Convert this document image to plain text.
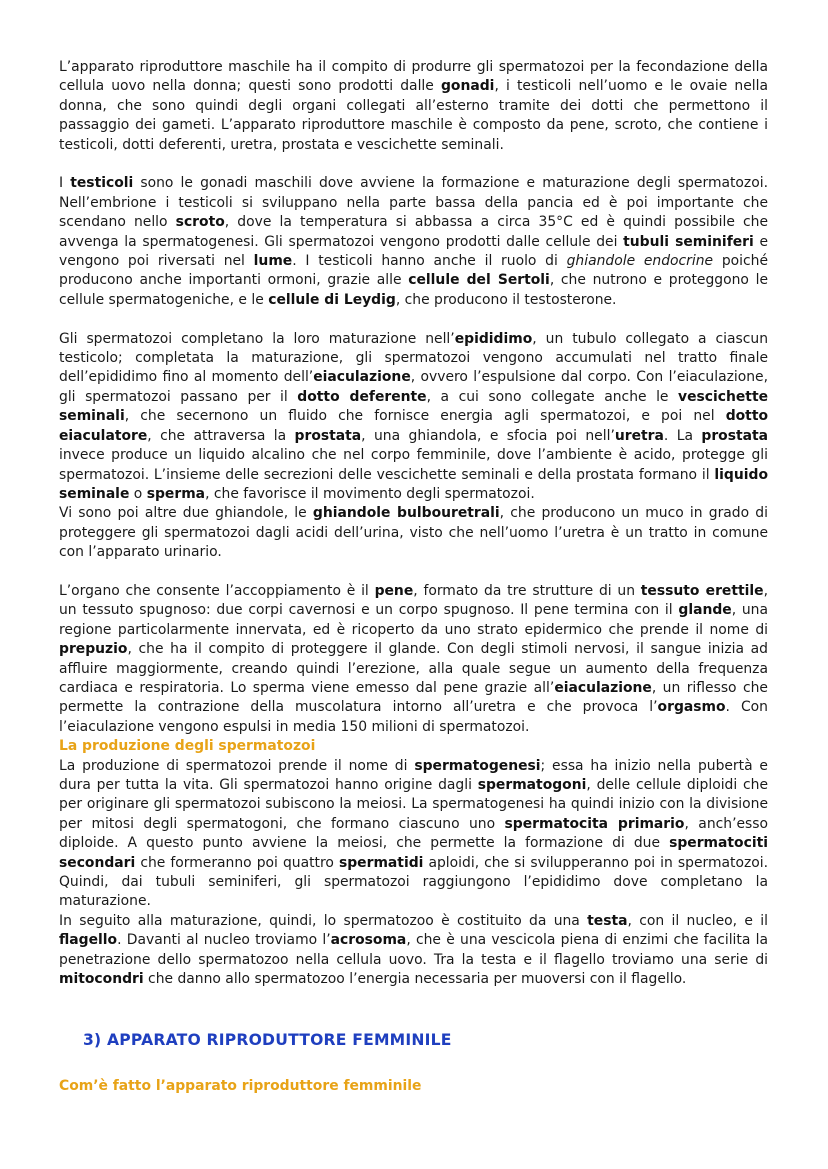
L’apparato riproduttore maschile ha il compito di produrre gli spermatozoi per la fecondazione della cellula uovo nella donna; questi sono prodotti dalle gonadi, i testicoli nell’uomo e le ovaie nella donna, che sono quindi degli organi collegati all’esterno tramite dei dotti che permettono il passaggio dei gameti. L’apparato riproduttore maschile è composto da pene, scroto, che contiene i testicoli, dotti deferenti, uretra, prostata e vescichette seminali.

I testicoli sono le gonadi maschili dove avviene la formazione e maturazione degli spermatozoi. Nell’embrione i testicoli si sviluppano nella parte bassa della pancia ed è poi importante che scendano nello scroto, dove la temperatura si abbassa a circa 35°C ed è quindi possibile che avvenga la spermatogenesi. Gli spermatozoi vengono prodotti dalle cellule dei tubuli seminiferi e vengono poi riversati nel lume. I testicoli hanno anche il ruolo di ghiandole endocrine poiché producono anche importanti ormoni, grazie alle cellule del Sertoli, che nutrono e proteggono le cellule spermatogeniche, e le cellule di Leydig, che producono il testosterone.

Gli spermatozoi completano la loro maturazione nell’epididimo, un tubulo collegato a ciascun testicolo; completata la maturazione, gli spermatozoi vengono accumulati nel tratto finale dell’epididimo fino al momento dell’eiaculazione, ovvero l’espulsione dal corpo. Con l’eiaculazione, gli spermatozoi passano per il dotto deferente, a cui sono collegate anche le vescichette seminali, che secernono un fluido che fornisce energia agli spermatozoi, e poi nel dotto eiaculatore, che attraversa la prostata, una ghiandola, e sfocia poi nell’uretra. La prostata invece produce un liquido alcalino che nel corpo femminile, dove l’ambiente è acido, protegge gli spermatozoi. L’insieme delle secrezioni delle vescichette seminali e della prostata formano il liquido seminale o sperma, che favorisce il movimento degli spermatozoi.

Vi sono poi altre due ghiandole, le ghiandole bulbouretrali, che producono un muco in grado di proteggere gli spermatozoi dagli acidi dell’urina, visto che nell’uomo l’uretra è un tratto in comune con l’apparato urinario.

L’organo che consente l’accoppiamento è il pene, formato da tre strutture di un tessuto erettile, un tessuto spugnoso: due corpi cavernosi e un corpo spugnoso. Il pene termina con il glande, una regione particolarmente innervata, ed è ricoperto da uno strato epidermico che prende il nome di prepuzio, che ha il compito di proteggere il glande. Con degli stimoli nervosi, il sangue inizia ad affluire maggiormente, creando quindi l’erezione, alla quale segue un aumento della frequenza cardiaca e respiratoria. Lo sperma viene emesso dal pene grazie all’eiaculazione, un riflesso che permette la contrazione della muscolatura intorno all’uretra e che provoca l’orgasmo. Con l’eiaculazione vengono espulsi in media 150 milioni di spermatozoi.

La produzione degli spermatozoi

La produzione di spermatozoi prende il nome di spermatogenesi; essa ha inizio nella pubertà e dura per tutta la vita. Gli spermatozoi hanno origine dagli spermatogoni, delle cellule diploidi che per originare gli spermatozoi subiscono la meiosi. La spermatogenesi ha quindi inizio con la divisione per mitosi degli spermatogoni, che formano ciascuno uno spermatocita primario, anch’esso diploide. A questo punto avviene la meiosi, che permette la formazione di due spermatociti secondari che formeranno poi quattro spermatidi aploidi, che si svilupperanno poi in spermatozoi. Quindi, dai tubuli seminiferi, gli spermatozoi raggiungono l’epididimo dove completano la maturazione.

In seguito alla maturazione, quindi, lo spermatozoo è costituito da una testa, con il nucleo, e il flagello. Davanti al nucleo troviamo l’acrosoma, che è una vescicola piena di enzimi che facilita la penetrazione dello spermatozoo nella cellula uovo. Tra la testa e il flagello troviamo una serie di mitocondri che danno allo spermatozoo l’energia necessaria per muoversi con il flagello.

3) APPARATO RIPRODUTTORE FEMMINILE

Com’è fatto l’apparato riproduttore femminile
